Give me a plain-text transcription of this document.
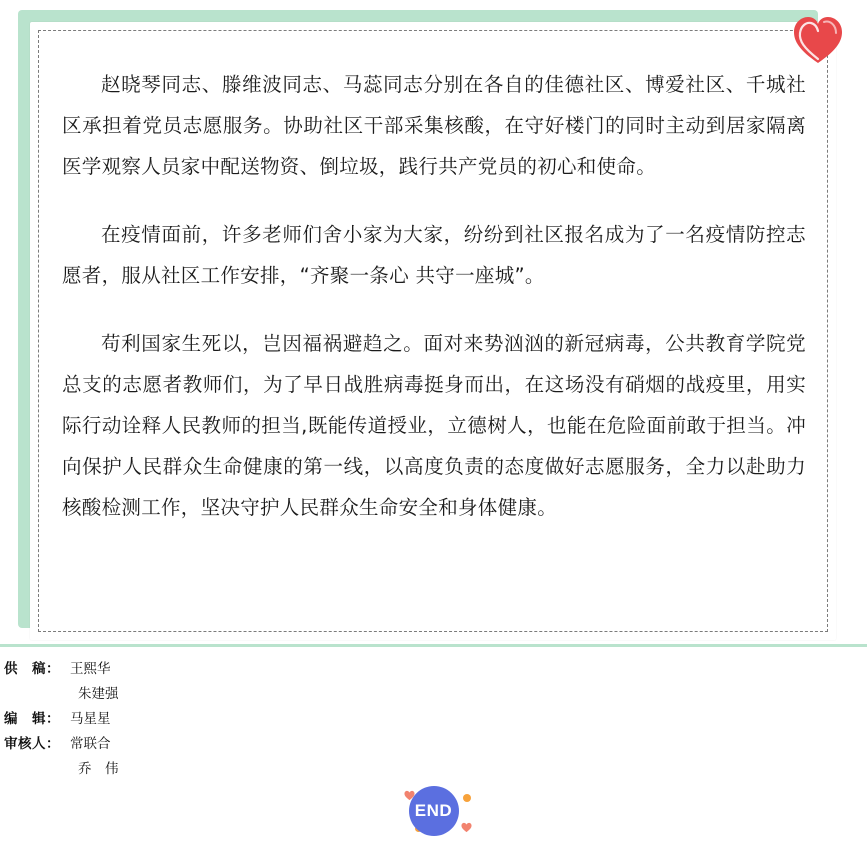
赵晓琴同志、滕维波同志、马蕊同志分别在各自的佳德社区、博爱社区、千城社区承担着党员志愿服务。协助社区干部采集核酸，在守好楼门的同时主动到居家隔离医学观察人员家中配送物资、倒垃圾，践行共产党员的初心和使命。

在疫情面前，许多老师们舍小家为大家，纷纷到社区报名成为了一名疫情防控志愿者，服从社区工作安排，“齐聚一条心 共守一座城”。

苟利国家生死以，岂因福祸避趋之。面对来势汹汹的新冠病毒，公共教育学院党总支的志愿者教师们，为了早日战胜病毒挺身而出，在这场没有硝烟的战疫里，用实际行动诠释人民教师的担当,既能传道授业，立德树人，也能在危险面前敢于担当。冲向保护人民群众生命健康的第一线，以高度负责的态度做好志愿服务，全力以赴助力核酸检测工作，坚决守护人民群众生命安全和身体健康。

供　稿： 王熙华
朱建强
编　辑： 马星星
审核人： 常联合
乔　伟
END
